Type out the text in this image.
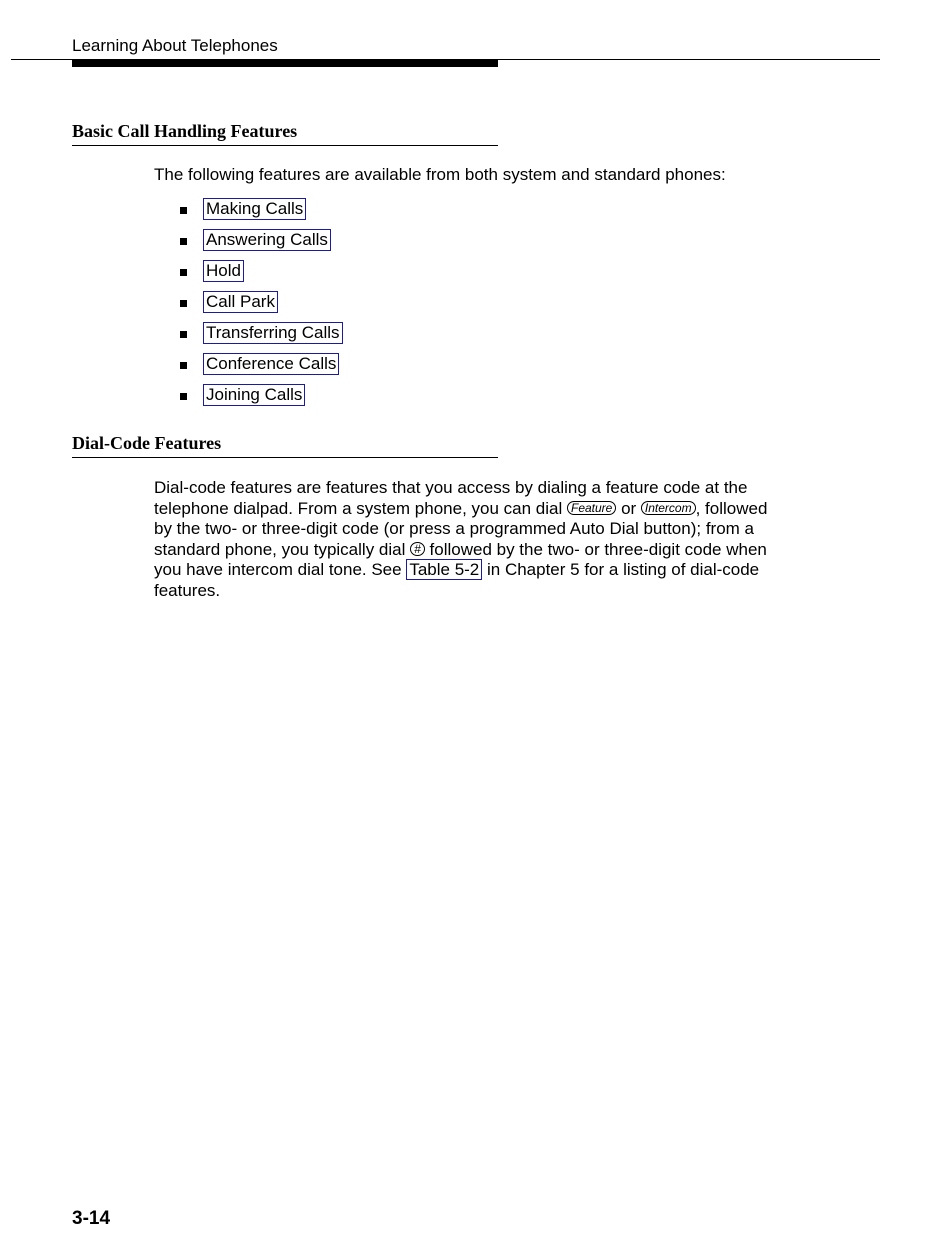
Learning About Telephones
Basic Call Handling Features

The following features are available from both system and standard phones:

Making Calls
Answering Calls
Hold
Call Park
Transferring Calls
Conference Calls
Joining Calls
Dial-Code Features

Dial-code features are features that you access by dialing a feature code at the telephone dialpad. From a system phone, you can dial Feature or Intercom , followed by the two- or three-digit code (or press a programmed Auto Dial button); from a standard phone, you typically dial # followed by the two- or three-digit code when you have intercom dial tone. See Table 5-2 in Chapter 5 for a listing of dial-code features.

3-14
